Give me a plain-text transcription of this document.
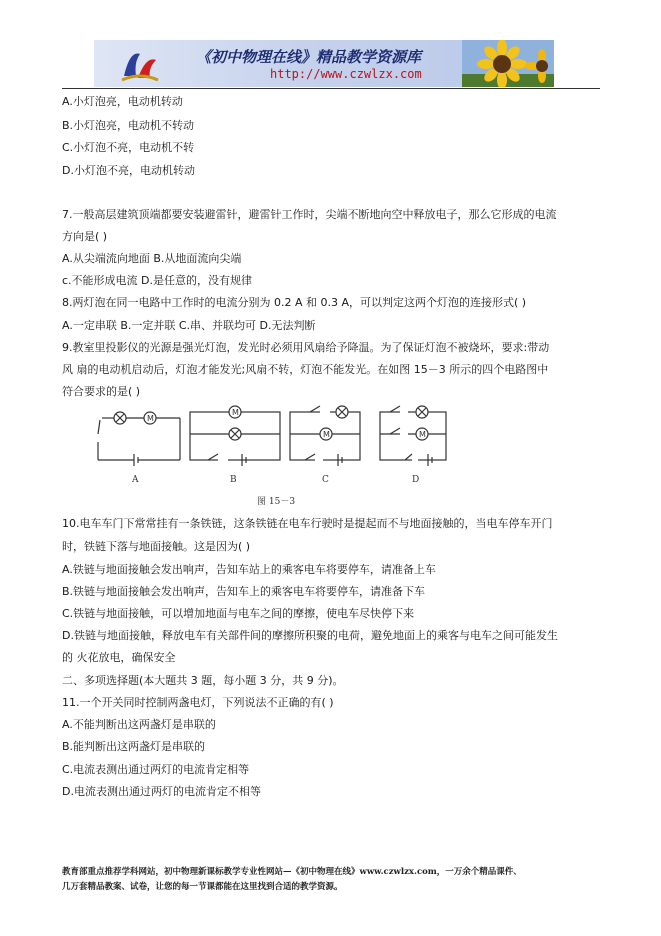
《初中物理在线》精品教学资源库
http://www.czwlzx.com
A.小灯泡亮，电动机转动
B.小灯泡亮，电动机不转动
C.小灯泡不亮，电动机不转
D.小灯泡不亮，电动机转动
7.一般高层建筑顶端都要安装避雷针，避雷针工作时，尖端不断地向空中释放电子，那么它形成的电流
方向是( )
A.从尖端流向地面 B.从地面流向尖端
c.不能形成电流 D.是任意的，没有规律
8.两灯泡在同一电路中工作时的电流分别为 0.2 A 和 0.3 A，可以判定这两个灯泡的连接形式( )
A.一定串联 B.一定并联 C.串、并联均可 D.无法判断
9.教室里投影仪的光源是强光灯泡，发光时必须用风扇给予降温。为了保证灯泡不被烧坏，要求:带动
风 扇的电动机启动后，灯泡才能发光;风扇不转，灯泡不能发光。在如图 15－3 所示的四个电路图中
符合要求的是( )
M
M
M	M
A	B	C	D
图 15－3
10.电车车门下常常挂有一条铁链，这条铁链在电车行驶时是提起而不与地面接触的，当电车停车开门
时，铁链下落与地面接触。这是因为( )
A.铁链与地面接触会发出响声，告知车站上的乘客电车将要停车，请准备上车
B.铁链与地面接触会发出响声，告知车上的乘客电车将要停车，请准备下车
C.铁链与地面接触，可以增加地面与电车之间的摩擦，使电车尽快停下来
D.铁链与地面接触，释放电车有关部件间的摩擦所积聚的电荷，避免地面上的乘客与电车之间可能发生
的 火花放电，确保安全
二、多项选择题(本大题共 3 题，每小题 3 分，共 9 分)。
11.一个开关同时控制两盏电灯，下列说法不正确的有( )
A.不能判断出这两盏灯是串联的
B.能判断出这两盏灯是串联的
C.电流表测出通过两灯的电流肯定相等
D.电流表测出通过两灯的电流肯定不相等
教育部重点推荐学科网站，初中物理新课标教学专业性网站—《初中物理在线》www.czwlzx.com，一万余个精品课件、
几万套精品教案、试卷，让您的每一节课都能在这里找到合适的教学资源。
